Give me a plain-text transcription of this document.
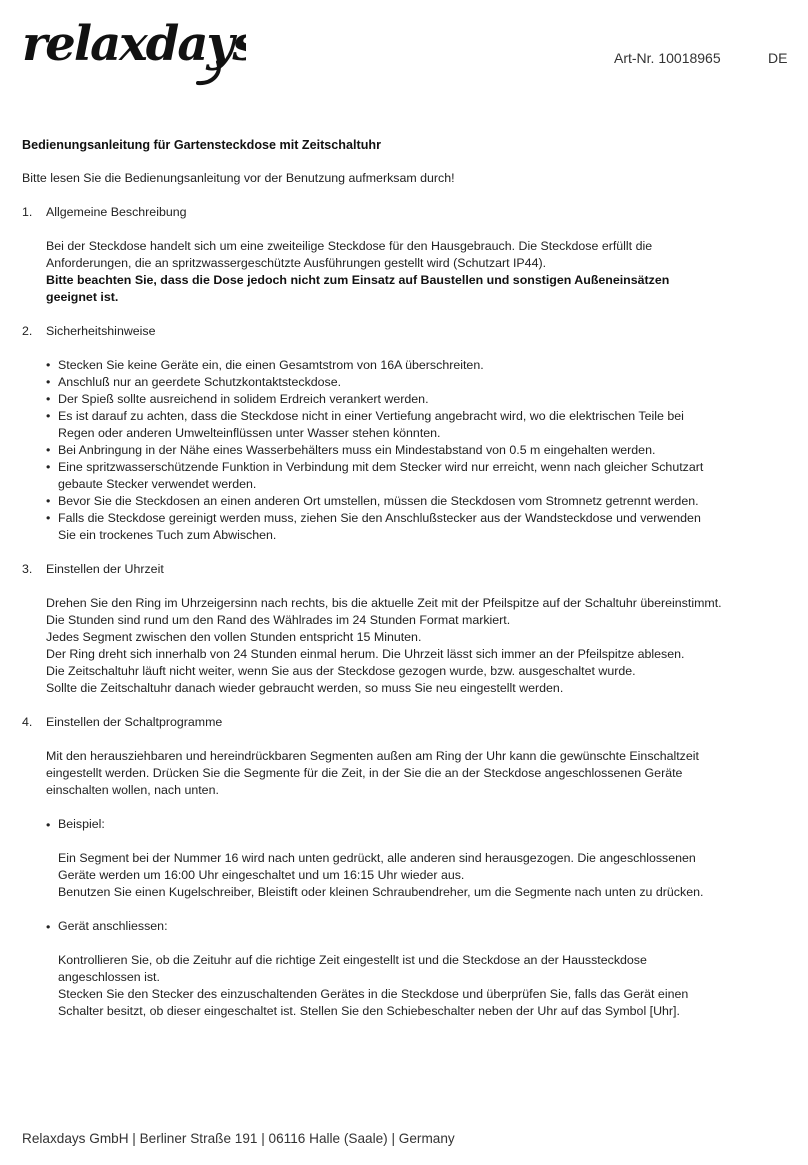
relaxdays	Art-Nr. 10018965	DE
Bedienungsanleitung für Gartensteckdose mit Zeitschaltuhr
Bitte lesen Sie die Bedienungsanleitung vor der Benutzung aufmerksam durch!
1. Allgemeine Beschreibung
Bei der Steckdose handelt sich um eine zweiteilige Steckdose für den Hausgebrauch. Die Steckdose erfüllt die
Anforderungen, die an spritzwassergeschützte Ausführungen gestellt wird (Schutzart IP44).
Bitte beachten Sie, dass die Dose jedoch nicht zum Einsatz auf Baustellen und sonstigen Außeneinsätzen
geeignet ist.
2. Sicherheitshinweise
• Stecken Sie keine Geräte ein, die einen Gesamtstrom von 16A überschreiten.
• Anschluß nur an geerdete Schutzkontaktsteckdose.
• Der Spieß sollte ausreichend in solidem Erdreich verankert werden.
• Es ist darauf zu achten, dass die Steckdose nicht in einer Vertiefung angebracht wird, wo die elektrischen Teile bei
Regen oder anderen Umwelteinflüssen unter Wasser stehen könnten.
• Bei Anbringung in der Nähe eines Wasserbehälters muss ein Mindestabstand von 0.5 m eingehalten werden.
• Eine spritzwasserschützende Funktion in Verbindung mit dem Stecker wird nur erreicht, wenn nach gleicher Schutzart
gebaute Stecker verwendet werden.
• Bevor Sie die Steckdosen an einen anderen Ort umstellen, müssen die Steckdosen vom Stromnetz getrennt werden.
• Falls die Steckdose gereinigt werden muss, ziehen Sie den Anschlußstecker aus der Wandsteckdose und verwenden
Sie ein trockenes Tuch zum Abwischen.
3. Einstellen der Uhrzeit
Drehen Sie den Ring im Uhrzeigersinn nach rechts, bis die aktuelle Zeit mit der Pfeilspitze auf der Schaltuhr übereinstimmt.
Die Stunden sind rund um den Rand des Wählrades im 24 Stunden Format markiert.
Jedes Segment zwischen den vollen Stunden entspricht 15 Minuten.
Der Ring dreht sich innerhalb von 24 Stunden einmal herum. Die Uhrzeit lässt sich immer an der Pfeilspitze ablesen.
Die Zeitschaltuhr läuft nicht weiter, wenn Sie aus der Steckdose gezogen wurde, bzw. ausgeschaltet wurde.
Sollte die Zeitschaltuhr danach wieder gebraucht werden, so muss Sie neu eingestellt werden.
4. Einstellen der Schaltprogramme
Mit den herausziehbaren und hereindrückbaren Segmenten außen am Ring der Uhr kann die gewünschte Einschaltzeit
eingestellt werden. Drücken Sie die Segmente für die Zeit, in der Sie die an der Steckdose angeschlossenen Geräte
einschalten wollen, nach unten.
• Beispiel:
Ein Segment bei der Nummer 16 wird nach unten gedrückt, alle anderen sind herausgezogen. Die angeschlossenen
Geräte werden um 16:00 Uhr eingeschaltet und um 16:15 Uhr wieder aus.
Benutzen Sie einen Kugelschreiber, Bleistift oder kleinen Schraubendreher, um die Segmente nach unten zu drücken.
• Gerät anschliessen:
Kontrollieren Sie, ob die Zeituhr auf die richtige Zeit eingestellt ist und die Steckdose an der Haussteckdose
angeschlossen ist.
Stecken Sie den Stecker des einzuschaltenden Gerätes in die Steckdose und überprüfen Sie, falls das Gerät einen
Schalter besitzt, ob dieser eingeschaltet ist. Stellen Sie den Schiebeschalter neben der Uhr auf das Symbol [Uhr].
Relaxdays GmbH | Berliner Straße 191 | 06116 Halle (Saale) | Germany
